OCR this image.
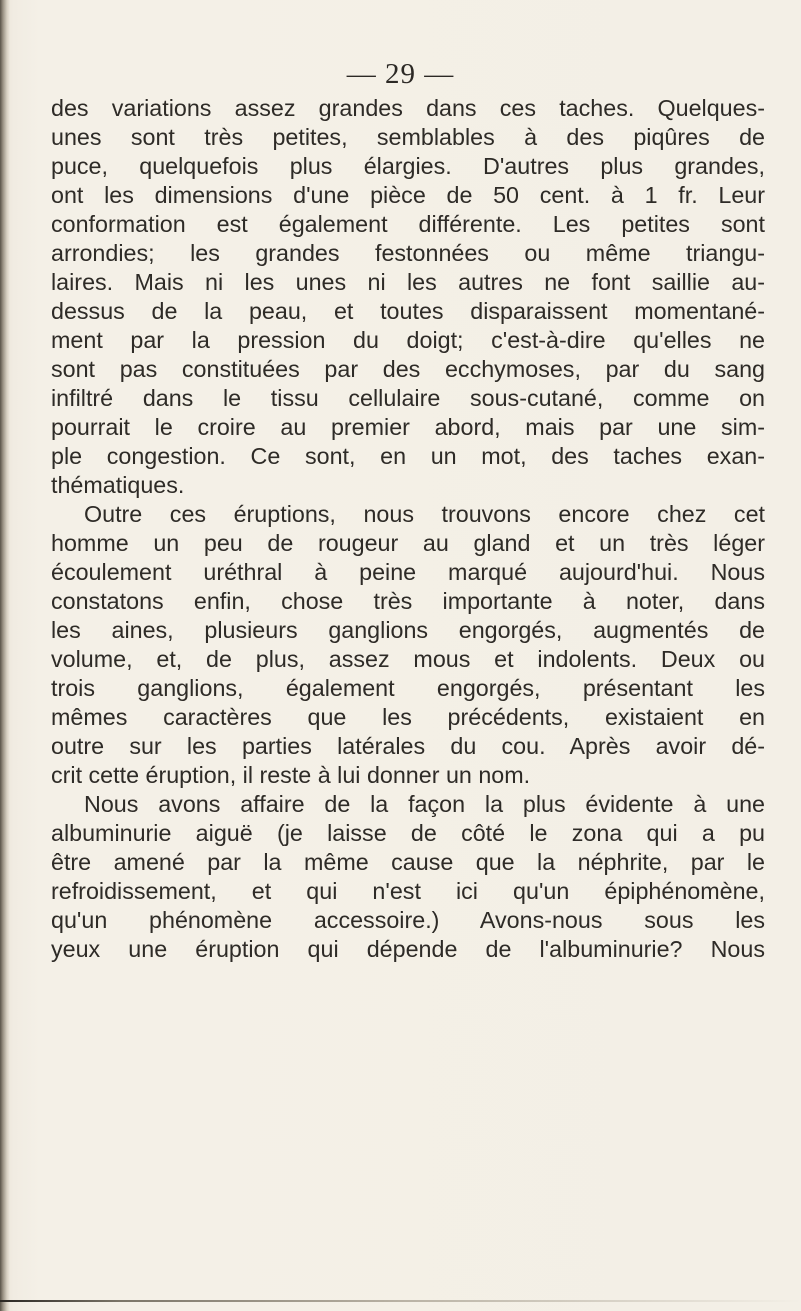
— 29 —
des variations assez grandes dans ces taches. Quelques-
unes sont très petites, semblables à des piqûres de
puce, quelquefois plus élargies. D'autres plus grandes,
ont les dimensions d'une pièce de 50 cent. à 1 fr. Leur
conformation est également différente. Les petites sont
arrondies; les grandes festonnées ou même triangu-
laires. Mais ni les unes ni les autres ne font saillie au-
dessus de la peau, et toutes disparaissent momentané-
ment par la pression du doigt; c'est-à-dire qu'elles ne
sont pas constituées par des ecchymoses, par du sang
infiltré dans le tissu cellulaire sous-cutané, comme on
pourrait le croire au premier abord, mais par une sim-
ple congestion. Ce sont, en un mot, des taches exan-
thématiques.
Outre ces éruptions, nous trouvons encore chez cet
homme un peu de rougeur au gland et un très léger
écoulement uréthral à peine marqué aujourd'hui. Nous
constatons enfin, chose très importante à noter, dans
les aines, plusieurs ganglions engorgés, augmentés de
volume, et, de plus, assez mous et indolents. Deux ou
trois ganglions, également engorgés, présentant les
mêmes caractères que les précédents, existaient en
outre sur les parties latérales du cou. Après avoir dé-
crit cette éruption, il reste à lui donner un nom.
Nous avons affaire de la façon la plus évidente à une
albuminurie aiguë (je laisse de côté le zona qui a pu
être amené par la même cause que la néphrite, par le
refroidissement, et qui n'est ici qu'un épiphénomène,
qu'un phénomène accessoire.) Avons-nous sous les
yeux une éruption qui dépende de l'albuminurie? Nous
